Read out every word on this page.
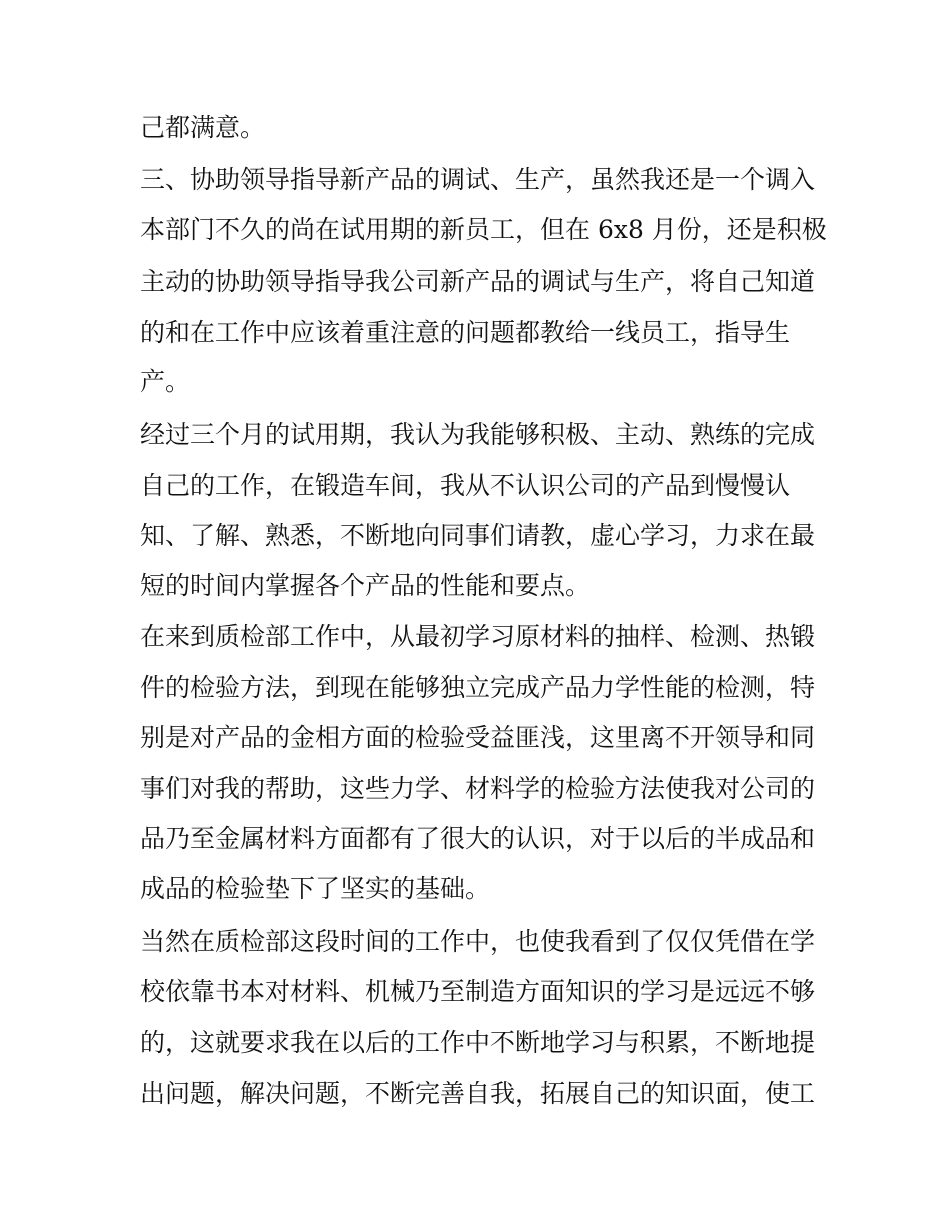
己都满意。

三、协助领导指导新产品的调试、生产，虽然我还是一个调入

本部门不久的尚在试用期的新员工，但在 6x8 月份，还是积极

主动的协助领导指导我公司新产品的调试与生产，将自己知道

的和在工作中应该着重注意的问题都教给一线员工，指导生

产。

经过三个月的试用期，我认为我能够积极、主动、熟练的完成

自己的工作，在锻造车间，我从不认识公司的产品到慢慢认

知、了解、熟悉，不断地向同事们请教，虚心学习，力求在最

短的时间内掌握各个产品的性能和要点。

在来到质检部工作中，从最初学习原材料的抽样、检测、热锻

件的检验方法，到现在能够独立完成产品力学性能的检测，特

别是对产品的金相方面的检验受益匪浅，这里离不开领导和同

事们对我的帮助，这些力学、材料学的检验方法使我对公司的

品乃至金属材料方面都有了很大的认识，对于以后的半成品和

成品的检验垫下了坚实的基础。

当然在质检部这段时间的工作中，也使我看到了仅仅凭借在学

校依靠书本对材料、机械乃至制造方面知识的学习是远远不够

的，这就要求我在以后的工作中不断地学习与积累，不断地提

出问题，解决问题，不断完善自我，拓展自己的知识面，使工
